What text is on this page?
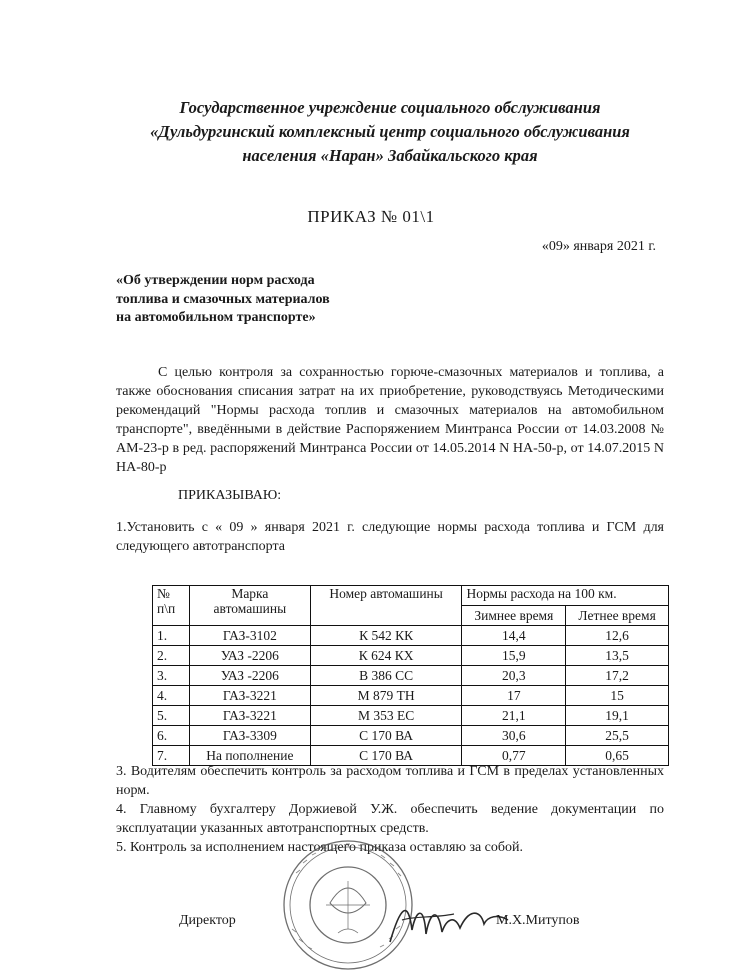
Государственное учреждение социального обслуживания
«Дульдургинский комплексный центр социального обслуживания
населения «Наран» Забайкальского края
ПРИКАЗ № 01\1
«09» января 2021 г.
«Об утверждении норм расхода
топлива и смазочных материалов
на автомобильном транспорте»
С целью контроля за сохранностью горюче-смазочных материалов и топлива, а также обоснования списания затрат на их приобретение, руководствуясь Методическими рекомендаций "Нормы расхода топлив и смазочных материалов на автомобильном транспорте", введёнными в действие Распоряжением Минтранса России от 14.03.2008 № АМ-23-р в ред. распоряжений Минтранса России от 14.05.2014 N НА-50-р, от 14.07.2015 N НА-80-р
ПРИКАЗЫВАЮ:
1.Установить с « 09 » января 2021 г. следующие нормы расхода топлива и ГСМ для следующего автотранспорта
№ п\п	Марка автомашины	Номер автомашины	Нормы расхода на 100 км.	
			Зимнее время	Летнее время
1.	ГАЗ-3102	К 542 КК	14,4	12,6
2.	УАЗ -2206	К 624 КХ	15,9	13,5
3.	УАЗ -2206	В 386 СС	20,3	17,2
4.	ГАЗ-3221	М 879 ТН	17	15
5.	ГАЗ-3221	М 353 ЕС	21,1	19,1
6.	ГАЗ-3309	С 170 ВА	30,6	25,5
7.	На пополнение	С 170 ВА	0,77	0,65

3. Водителям обеспечить контроль за расходом топлива и ГСМ в пределах установленных норм.

4. Главному бухгалтеру Доржиевой У.Ж. обеспечить ведение документации по эксплуатации указанных автотранспортных средств.

5. Контроль за исполнением настоящего приказа оставляю за собой.

Директор	М.Х.Митупов
